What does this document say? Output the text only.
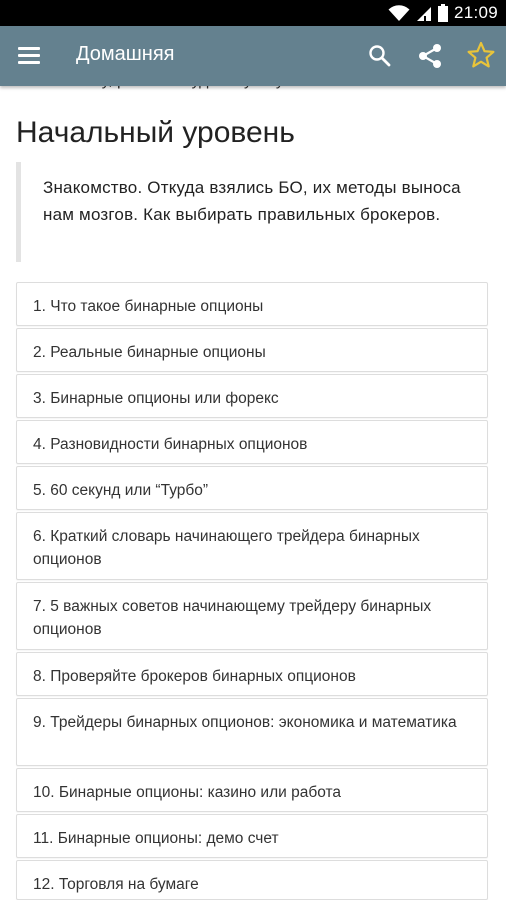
21:09
Домашняя
Начальный уровень
Знакомство. Откуда взялись БО, их методы выноса нам мозгов. Как выбирать правильных брокеров.
1. Что такое бинарные опционы
2. Реальные бинарные опционы
3. Бинарные опционы или форекс
4. Разновидности бинарных опционов
5. 60 секунд или “Турбо”
6. Краткий словарь начинающего трейдера бинарных опционов
7. 5 важных советов начинающему трейдеру бинарных опционов
8. Проверяйте брокеров бинарных опционов
9. Трейдеры бинарных опционов: экономика и математика
10. Бинарные опционы: казино или работа
11. Бинарные опционы: демо счет
12. Торговля на бумаге
